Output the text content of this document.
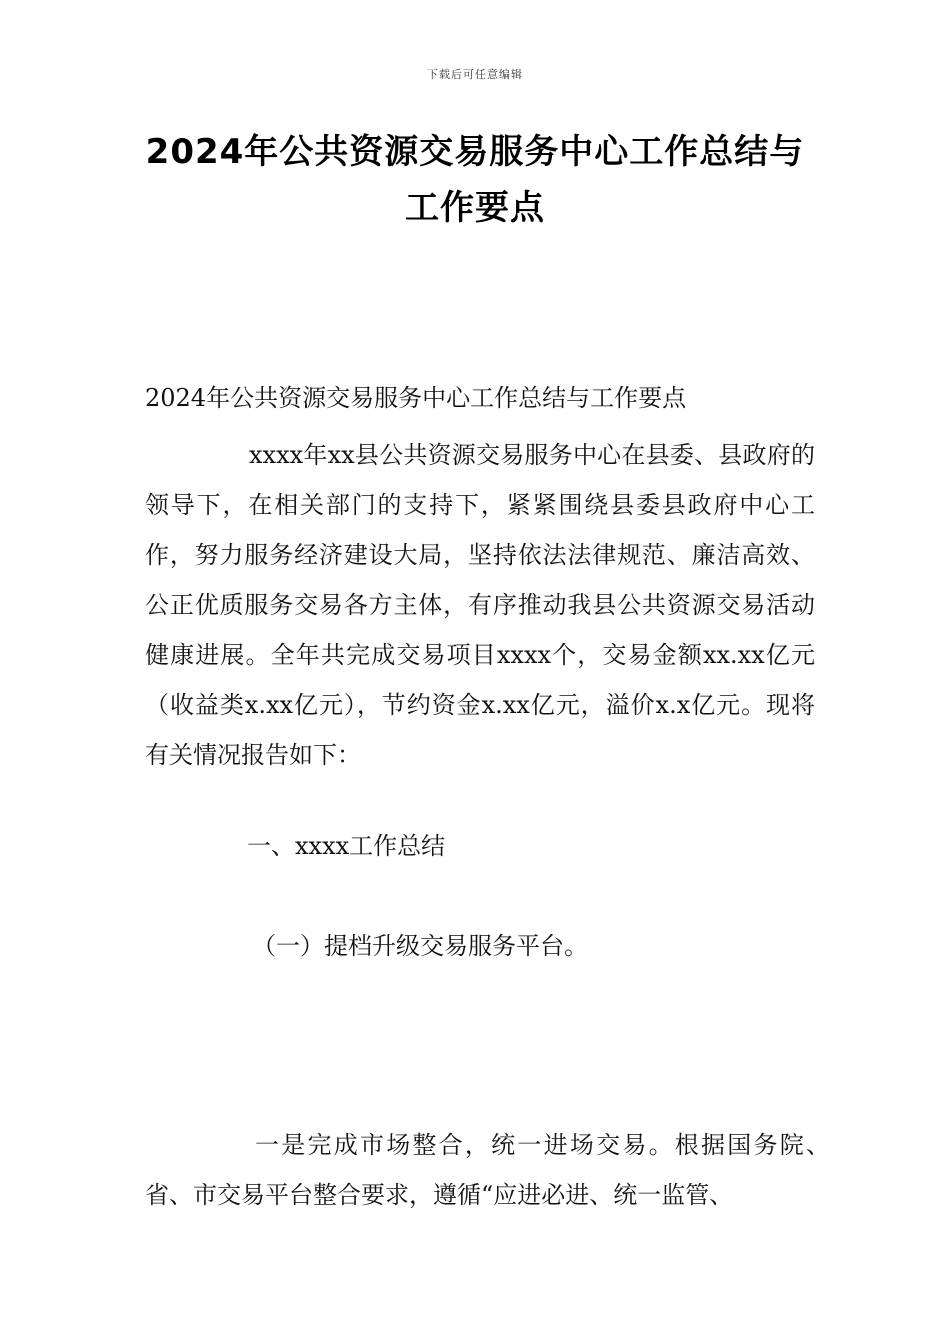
下载后可任意编辑
2024年公共资源交易服务中心工作总结与
工作要点
2024年公共资源交易服务中心工作总结与工作要点

xxxx年xx县公共资源交易服务中心在县委、县政府的领导下，在相关部门的支持下，紧紧围绕县委县政府中心工作，努力服务经济建设大局，坚持依法法律规范、廉洁高效、公正优质服务交易各方主体，有序推动我县公共资源交易活动健康进展。全年共完成交易项目xxxx个，交易金额xx.xx亿元（收益类x.xx亿元），节约资金x.xx亿元，溢价x.x亿元。现将有关情况报告如下：

一、xxxx工作总结
（一）提档升级交易服务平台。

一是完成市场整合，统一进场交易。根据国务院、省、市交易平台整合要求，遵循“应进必进、统一监管、
